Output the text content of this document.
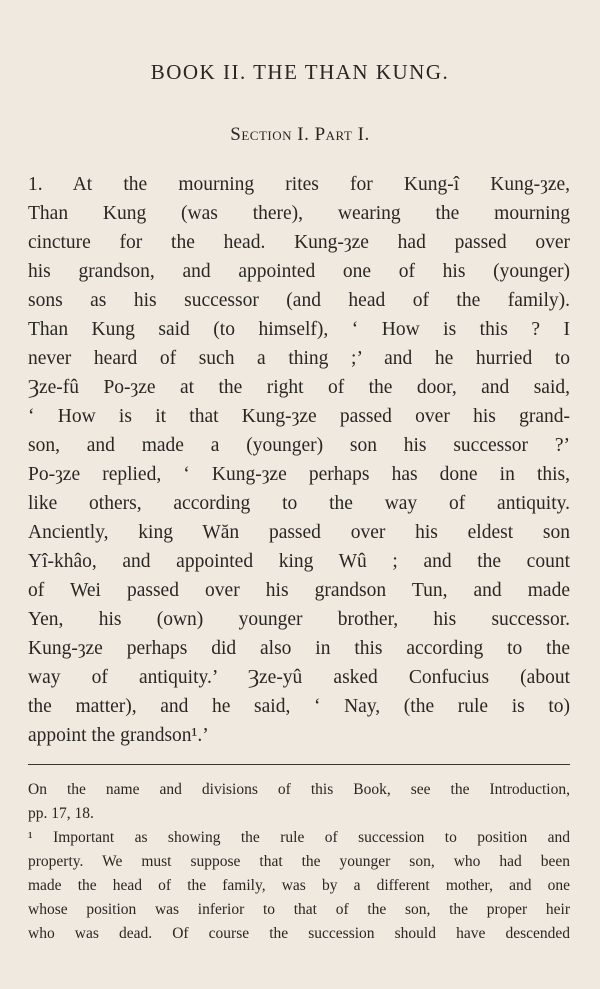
BOOK II. THE THAN KUNG.
Section I. Part I.
1. At the mourning rites for Kung-î Kung-ȝze,
Than Kung (was there), wearing the mourning
cincture for the head. Kung-ȝze had passed over
his grandson, and appointed one of his (younger)
sons as his successor (and head of the family).
Than Kung said (to himself), ‘ How is this ? I
never heard of such a thing ;’ and he hurried to
Ȝze-fû Po-ȝze at the right of the door, and said,
‘ How is it that Kung-ȝze passed over his grand-
son, and made a (younger) son his successor ?’
Po-ȝze replied, ‘ Kung-ȝze perhaps has done in this,
like others, according to the way of antiquity.
Anciently, king Wăn passed over his eldest son
Yî-khâo, and appointed king Wû ; and the count
of Wei passed over his grandson Tun, and made
Yen, his (own) younger brother, his successor.
Kung-ȝze perhaps did also in this according to the
way of antiquity.’ Ȝze-yû asked Confucius (about
the matter), and he said, ‘ Nay, (the rule is to)
appoint the grandson¹.’
On the name and divisions of this Book, see the Introduction,
pp. 17, 18.
¹ Important as showing the rule of succession to position and
property. We must suppose that the younger son, who had been
made the head of the family, was by a different mother, and one
whose position was inferior to that of the son, the proper heir
who was dead. Of course the succession should have descended
